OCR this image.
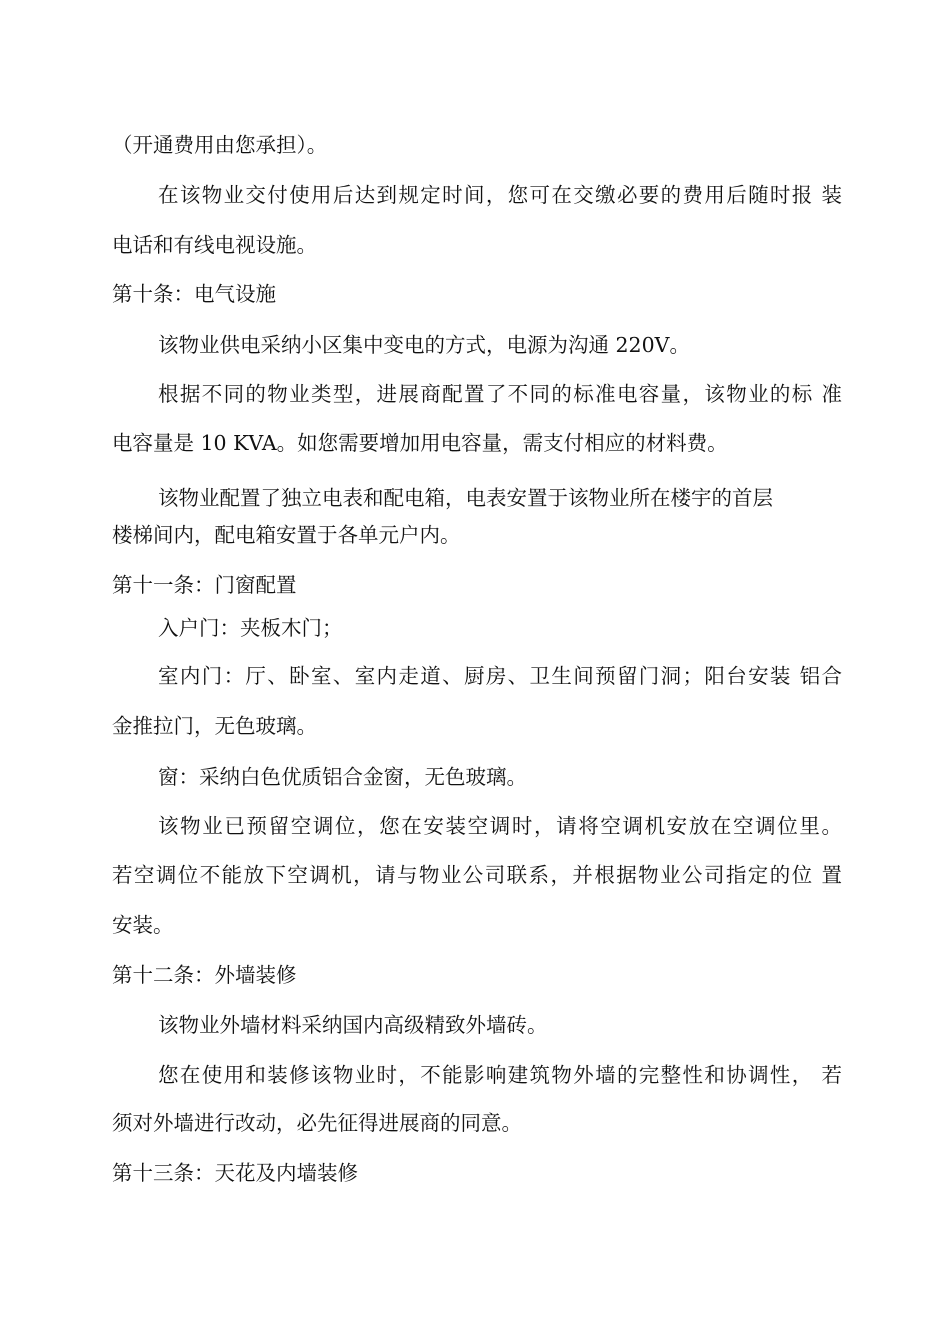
（开通费用由您承担）。
在该物业交付使用后达到规定时间，您可在交缴必要的费用后随时报 装
电话和有线电视设施。
第十条：电气设施
该物业供电采纳小区集中变电的方式，电源为沟通 220V。
根据不同的物业类型，进展商配置了不同的标准电容量，该物业的标 准
电容量是 10 KVA。如您需要增加用电容量，需支付相应的材料费。
该物业配置了独立电表和配电箱，电表安置于该物业所在楼宇的首层
楼梯间内，配电箱安置于各单元户内。
第十一条：门窗配置
入户门：夹板木门；
室内门：厅、卧室、室内走道、厨房、卫生间预留门洞；阳台安装 铝合
金推拉门，无色玻璃。
窗：采纳白色优质铝合金窗，无色玻璃。
该物业已预留空调位，您在安装空调时，请将空调机安放在空调位里。
若空调位不能放下空调机，请与物业公司联系，并根据物业公司指定的位 置
安装。
第十二条：外墙装修
该物业外墙材料采纳国内高级精致外墙砖。
您在使用和装修该物业时，不能影响建筑物外墙的完整性和协调性， 若
须对外墙进行改动，必先征得进展商的同意。
第十三条：天花及内墙装修
